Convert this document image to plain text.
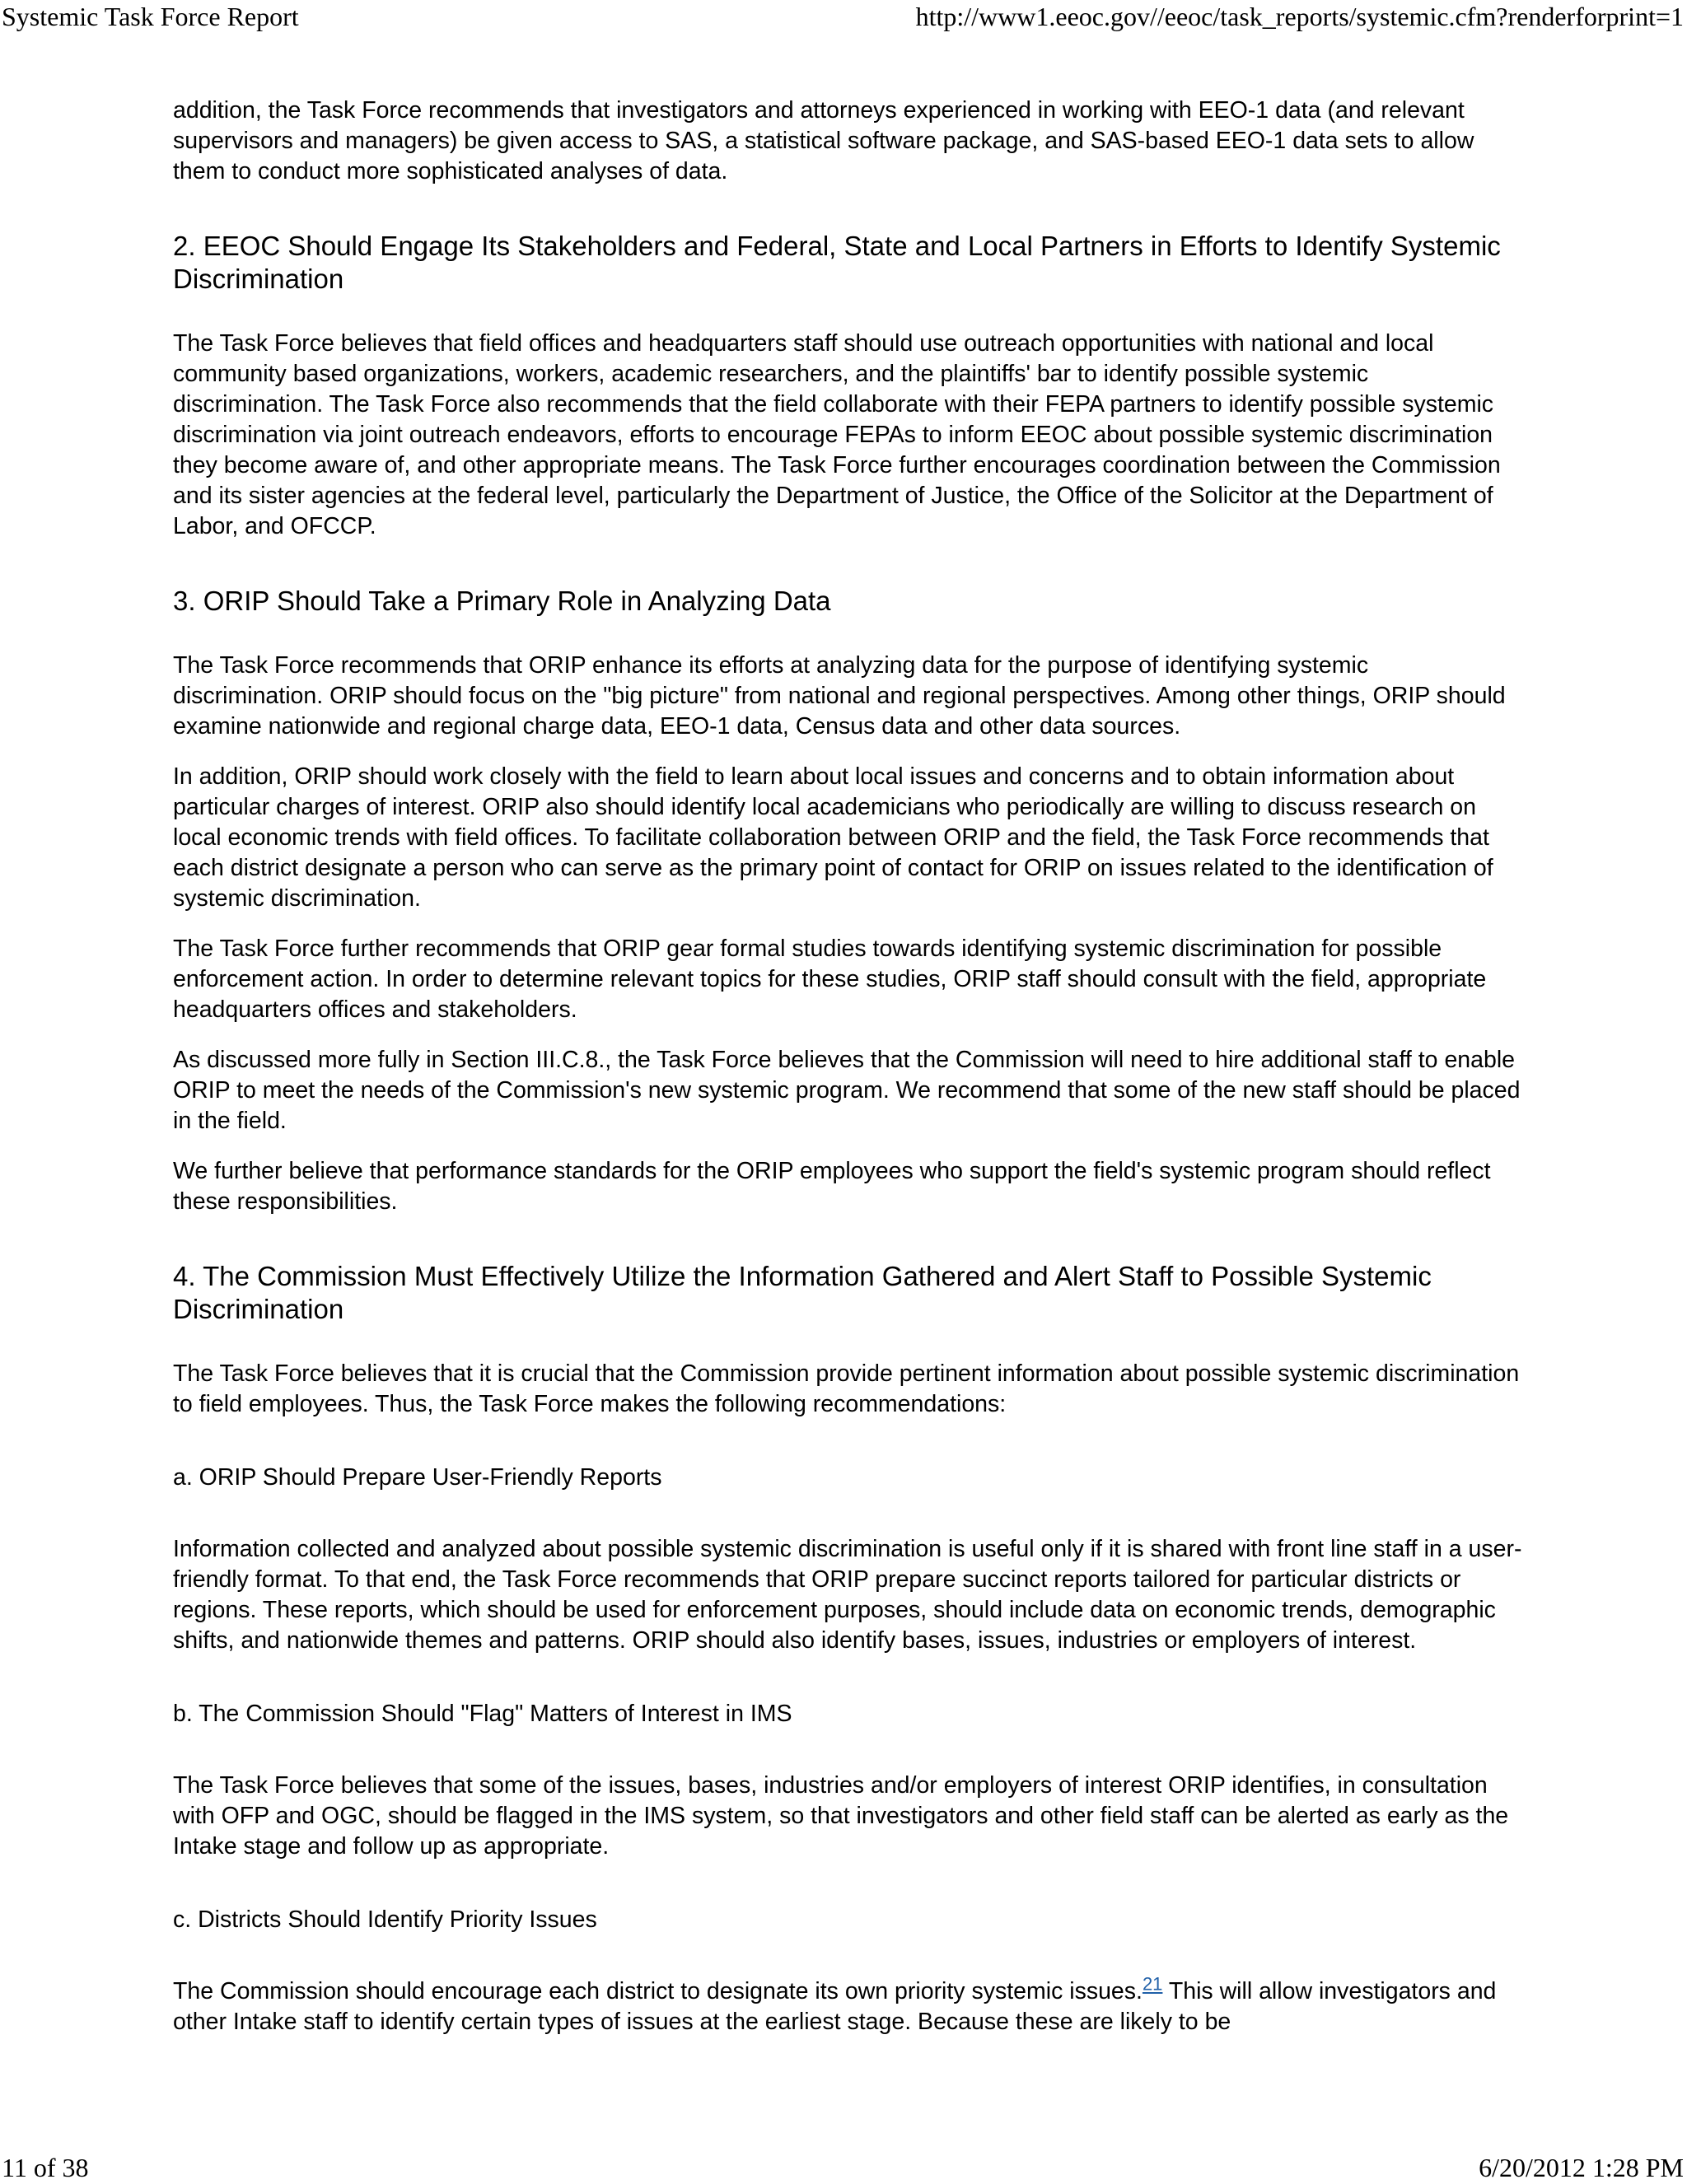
Systemic Task Force Report	http://www1.eeoc.gov//eeoc/task_reports/systemic.cfm?renderforprint=1

addition, the Task Force recommends that investigators and attorneys experienced in working with EEO-1 data (and relevant supervisors and managers) be given access to SAS, a statistical software package, and SAS-based EEO-1 data sets to allow them to conduct more sophisticated analyses of data.

2. EEOC Should Engage Its Stakeholders and Federal, State and Local Partners in Efforts to Identify Systemic Discrimination

The Task Force believes that field offices and headquarters staff should use outreach opportunities with national and local community based organizations, workers, academic researchers, and the plaintiffs' bar to identify possible systemic discrimination. The Task Force also recommends that the field collaborate with their FEPA partners to identify possible systemic discrimination via joint outreach endeavors, efforts to encourage FEPAs to inform EEOC about possible systemic discrimination they become aware of, and other appropriate means. The Task Force further encourages coordination between the Commission and its sister agencies at the federal level, particularly the Department of Justice, the Office of the Solicitor at the Department of Labor, and OFCCP.

3. ORIP Should Take a Primary Role in Analyzing Data

The Task Force recommends that ORIP enhance its efforts at analyzing data for the purpose of identifying systemic discrimination. ORIP should focus on the "big picture" from national and regional perspectives. Among other things, ORIP should examine nationwide and regional charge data, EEO-1 data, Census data and other data sources.

In addition, ORIP should work closely with the field to learn about local issues and concerns and to obtain information about particular charges of interest. ORIP also should identify local academicians who periodically are willing to discuss research on local economic trends with field offices. To facilitate collaboration between ORIP and the field, the Task Force recommends that each district designate a person who can serve as the primary point of contact for ORIP on issues related to the identification of systemic discrimination.

The Task Force further recommends that ORIP gear formal studies towards identifying systemic discrimination for possible enforcement action. In order to determine relevant topics for these studies, ORIP staff should consult with the field, appropriate headquarters offices and stakeholders.

As discussed more fully in Section III.C.8., the Task Force believes that the Commission will need to hire additional staff to enable ORIP to meet the needs of the Commission's new systemic program. We recommend that some of the new staff should be placed in the field.

We further believe that performance standards for the ORIP employees who support the field's systemic program should reflect these responsibilities.

4. The Commission Must Effectively Utilize the Information Gathered and Alert Staff to Possible Systemic Discrimination

The Task Force believes that it is crucial that the Commission provide pertinent information about possible systemic discrimination to field employees. Thus, the Task Force makes the following recommendations:

a. ORIP Should Prepare User-Friendly Reports

Information collected and analyzed about possible systemic discrimination is useful only if it is shared with front line staff in a user-friendly format. To that end, the Task Force recommends that ORIP prepare succinct reports tailored for particular districts or regions. These reports, which should be used for enforcement purposes, should include data on economic trends, demographic shifts, and nationwide themes and patterns. ORIP should also identify bases, issues, industries or employers of interest.

b. The Commission Should "Flag" Matters of Interest in IMS

The Task Force believes that some of the issues, bases, industries and/or employers of interest ORIP identifies, in consultation with OFP and OGC, should be flagged in the IMS system, so that investigators and other field staff can be alerted as early as the Intake stage and follow up as appropriate.

c. Districts Should Identify Priority Issues

The Commission should encourage each district to designate its own priority systemic issues.$^{21}$ This will allow investigators and other Intake staff to identify certain types of issues at the earliest stage. Because these are likely to be

11 of 38	6/20/2012 1:28 PM
